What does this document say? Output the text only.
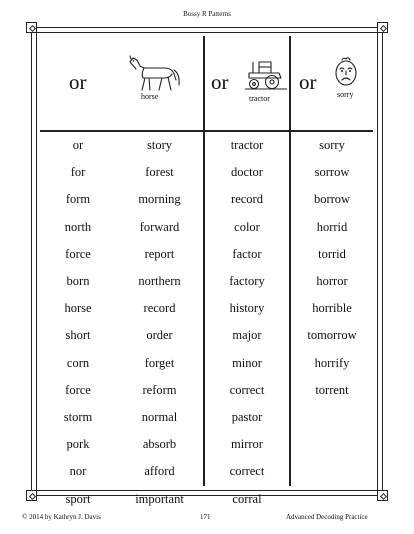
Bossy R Patterns
or
horse
or
tractor
or
sorry
or
for
form
north
force
born
horse
short
corn
force
storm
pork
nor
sport
story
forest
morning
forward
report
northern
record
order
forget
reform
normal
absorb
afford
important
tractor
doctor
record
color
factor
factory
history
major
minor
correct
pastor
mirror
correct
corral
sorry
sorrow
borrow
horrid
torrid
horror
horrible
tomorrow
horrify
torrent
© 2014 by Kathryn J. Davis	171	Advanced Decoding Practice
